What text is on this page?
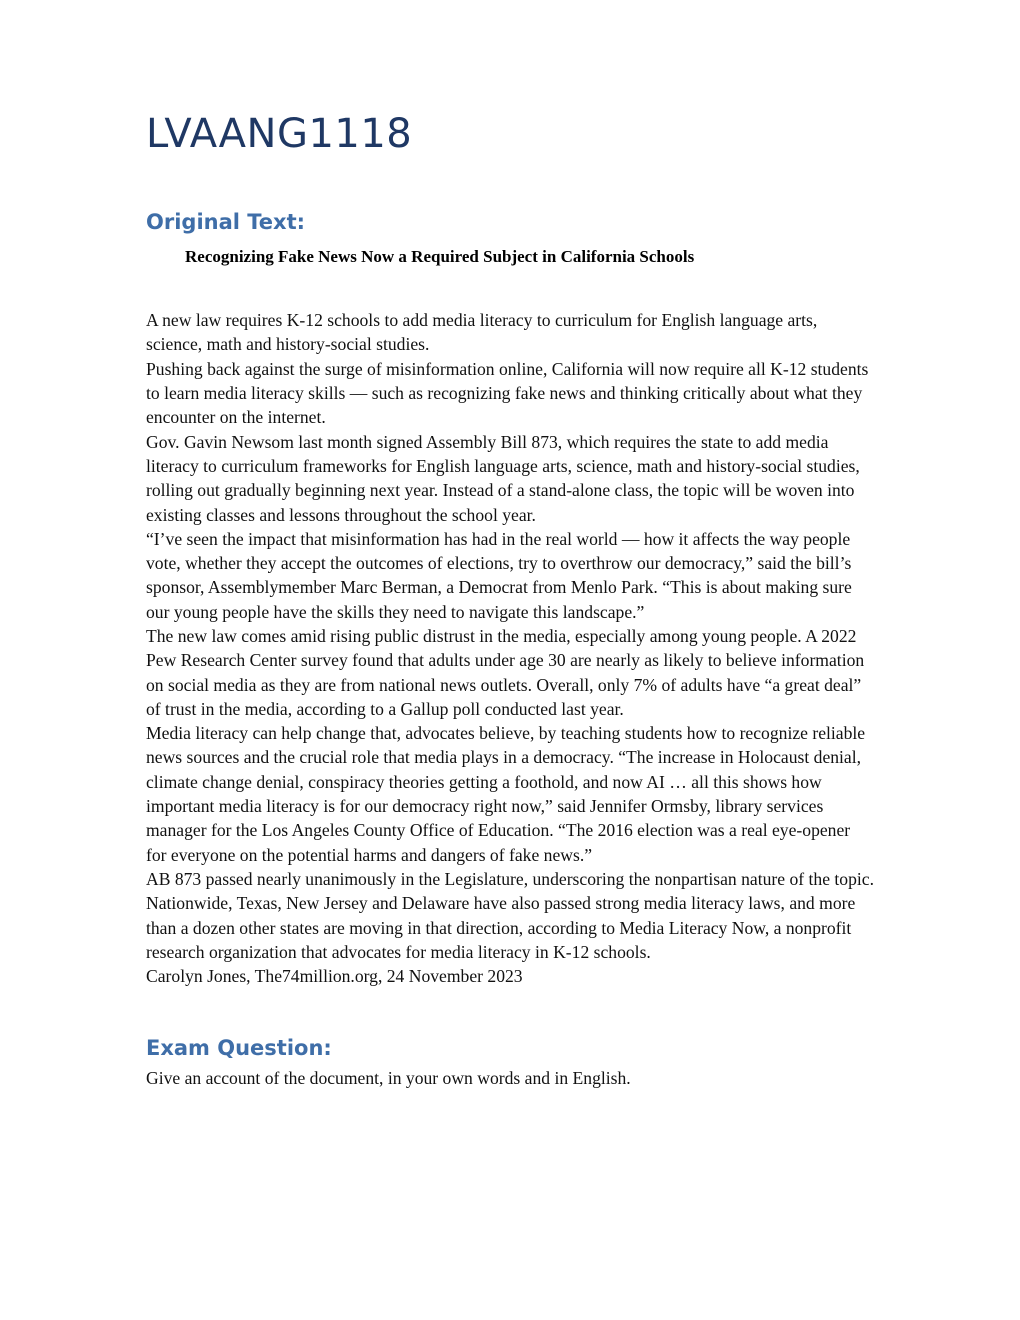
LVAANG1118
Original Text:
Recognizing Fake News Now a Required Subject in California Schools

A new law requires K-12 schools to add media literacy to curriculum for English language arts, science, math and history-social studies.

Pushing back against the surge of misinformation online, California will now require all K-12 students to learn media literacy skills — such as recognizing fake news and thinking critically about what they encounter on the internet.

Gov. Gavin Newsom last month signed Assembly Bill 873, which requires the state to add media literacy to curriculum frameworks for English language arts, science, math and history-social studies, rolling out gradually beginning next year. Instead of a stand-alone class, the topic will be woven into existing classes and lessons throughout the school year.

“I’ve seen the impact that misinformation has had in the real world — how it affects the way people vote, whether they accept the outcomes of elections, try to overthrow our democracy,” said the bill’s sponsor, Assemblymember Marc Berman, a Democrat from Menlo Park. “This is about making sure our young people have the skills they need to navigate this landscape.”

The new law comes amid rising public distrust in the media, especially among young people. A 2022 Pew Research Center survey found that adults under age 30 are nearly as likely to believe information on social media as they are from national news outlets. Overall, only 7% of adults have “a great deal” of trust in the media, according to a Gallup poll conducted last year.

Media literacy can help change that, advocates believe, by teaching students how to recognize reliable news sources and the crucial role that media plays in a democracy. “The increase in Holocaust denial, climate change denial, conspiracy theories getting a foothold, and now AI … all this shows how important media literacy is for our democracy right now,” said Jennifer Ormsby, library services manager for the Los Angeles County Office of Education. “The 2016 election was a real eye-opener for everyone on the potential harms and dangers of fake news.”

AB 873 passed nearly unanimously in the Legislature, underscoring the nonpartisan nature of the topic. Nationwide, Texas, New Jersey and Delaware have also passed strong media literacy laws, and more than a dozen other states are moving in that direction, according to Media Literacy Now, a nonprofit research organization that advocates for media literacy in K-12 schools.

Carolyn Jones, The74million.org, 24 November 2023

Exam Question:

Give an account of the document, in your own words and in English.
